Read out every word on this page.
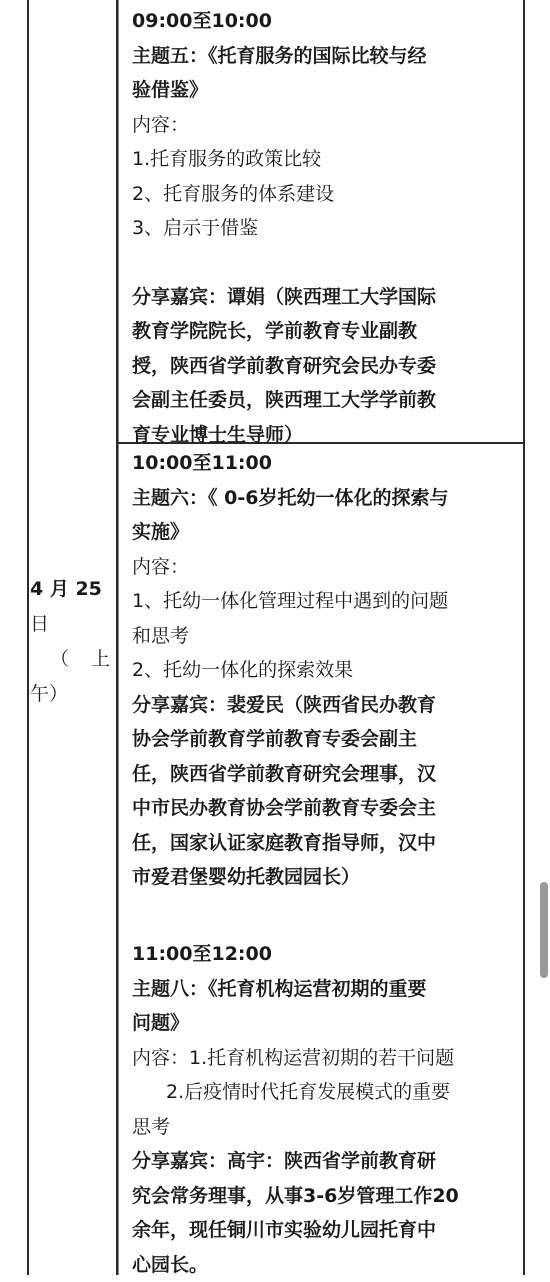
4 月 25
日
（ 上
午）
09:00至10:00
主题五：《托育服务的国际比较与经
验借鉴》
内容：
1.托育服务的政策比较
2、托育服务的体系建设
3、启示于借鉴
分享嘉宾：谭娟（陕西理工大学国际
教育学院院长，学前教育专业副教
授，陕西省学前教育研究会民办专委
会副主任委员，陕西理工大学学前教
育专业博士生导师）
10:00至11:00
主题六：《 0-6岁托幼一体化的探索与
实施》
内容：
1、托幼一体化管理过程中遇到的问题
和思考
2、托幼一体化的探索效果
分享嘉宾：裴爱民（陕西省民办教育
协会学前教育学前教育专委会副主
任，陕西省学前教育研究会理事，汉
中市民办教育协会学前教育专委会主
任，国家认证家庭教育指导师，汉中
市爱君堡婴幼托教园园长）
11:00至12:00
主题八：《托育机构运营初期的重要
问题》
内容：1.托育机构运营初期的若干问题
2.后疫情时代托育发展模式的重要
思考
分享嘉宾：高宇：陕西省学前教育研
究会常务理事，从事3-6岁管理工作20
余年，现任铜川市实验幼儿园托育中
心园长。
